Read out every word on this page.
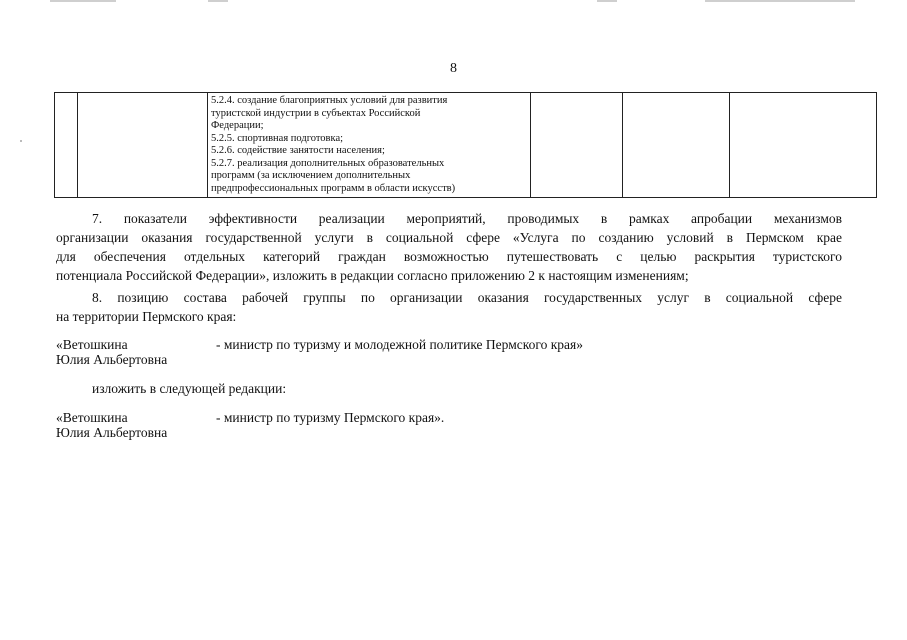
8

5.2.4. создание благоприятных условий для развития
туристской индустрии в субъектах Российской
Федерации;
5.2.5. спортивная подготовка;
5.2.6. содействие занятости населения;
5.2.7. реализация дополнительных образовательных
программ (за исключением дополнительных
предпрофессиональных программ в области искусств)

7. показатели эффективности реализации мероприятий, проводимых в рамках апробации механизмов
организации оказания государственной услуги в социальной сфере «Услуга по созданию условий в Пермском крае
для обеспечения отдельных категорий граждан возможностью путешествовать с целью раскрытия туристского
потенциала Российской Федерации», изложить в редакции согласно приложению 2 к настоящим изменениям;
8. позицию состава рабочей группы по организации оказания государственных услуг в социальной сфере
на территории Пермского края:
«Ветошкина
Юлия Альбертовна
- министр по туризму и молодежной политике Пермского края»
изложить в следующей редакции:
«Ветошкина
Юлия Альбертовна
- министр по туризму Пермского края».
